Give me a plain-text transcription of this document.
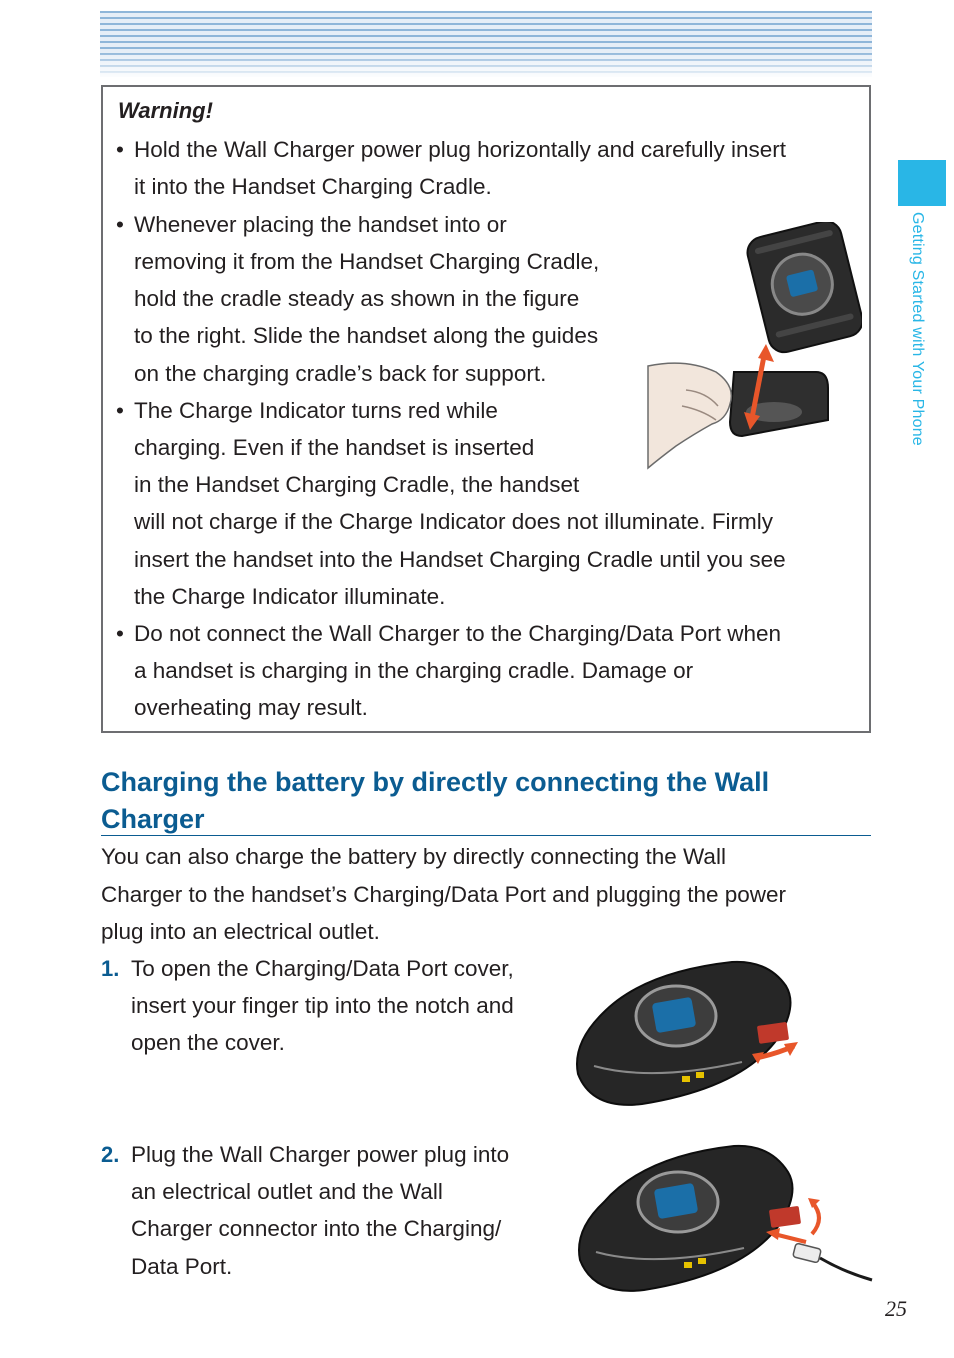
Getting Started with Your Phone
Warning!
• Hold the Wall Charger power plug horizontally and carefully insert
it into the Handset Charging Cradle.
• Whenever placing the handset into or
removing it from the Handset Charging Cradle,
hold the cradle steady as shown in the figure
to the right. Slide the handset along the guides
on the charging cradle’s back for support.
• The Charge Indicator turns red while
charging. Even if the handset is inserted
in the Handset Charging Cradle, the handset
will not charge if the Charge Indicator does not illuminate. Firmly
insert the handset into the Handset Charging Cradle until you see
the Charge Indicator illuminate.
• Do not connect the Wall Charger to the Charging/Data Port when
a handset is charging in the charging cradle. Damage or
overheating may result.
Charging the battery by directly connecting the Wall
Charger
You can also charge the battery by directly connecting the Wall
Charger to the handset’s Charging/Data Port and plugging the power
plug into an electrical outlet.
1. To open the Charging/Data Port cover,
insert your finger tip into the notch and
open the cover.
2. Plug the Wall Charger power plug into
an electrical outlet and the Wall
Charger connector into the Charging/
Data Port.
25
